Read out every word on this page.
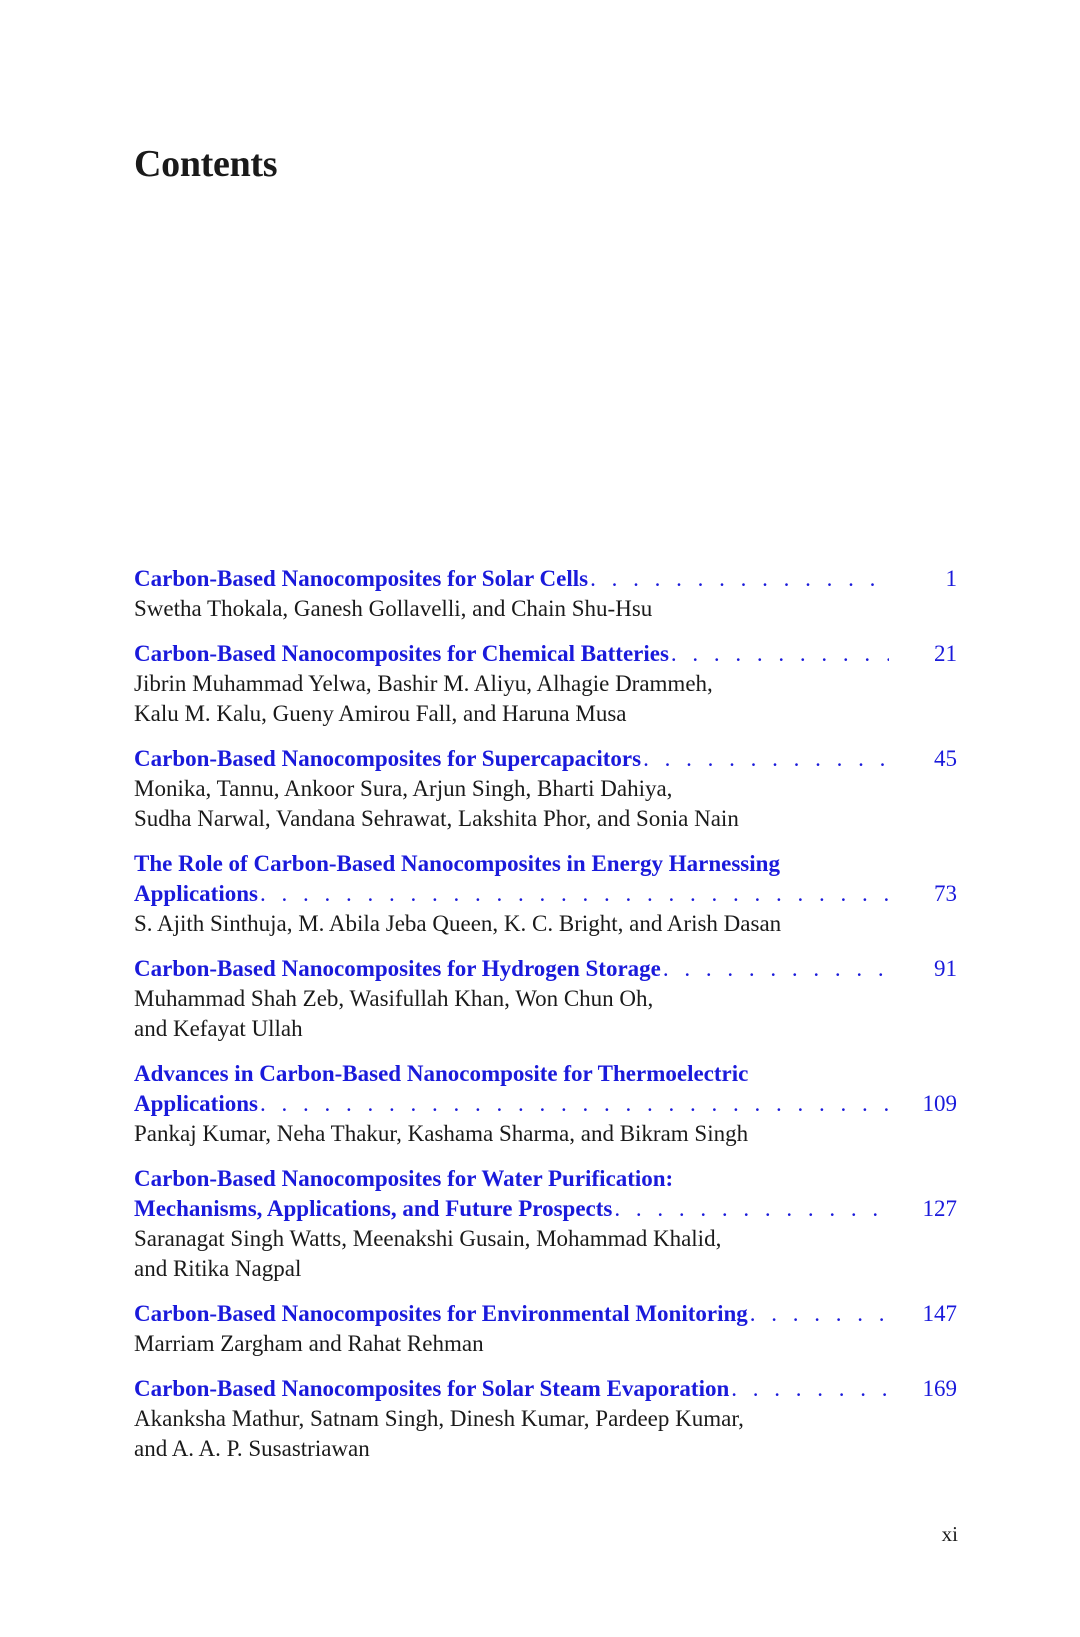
Contents
Carbon-Based Nanocomposites for Solar Cells . . .	1
Swetha Thokala, Ganesh Gollavelli, and Chain Shu-Hsu
Carbon-Based Nanocomposites for Chemical Batteries . . .	21
Jibrin Muhammad Yelwa, Bashir M. Aliyu, Alhagie Drammeh,
Kalu M. Kalu, Gueny Amirou Fall, and Haruna Musa
Carbon-Based Nanocomposites for Supercapacitors . . .	45
Monika, Tannu, Ankoor Sura, Arjun Singh, Bharti Dahiya,
Sudha Narwal, Vandana Sehrawat, Lakshita Phor, and Sonia Nain
The Role of Carbon-Based Nanocomposites in Energy Harnessing
Applications . . .	73
S. Ajith Sinthuja, M. Abila Jeba Queen, K. C. Bright, and Arish Dasan
Carbon-Based Nanocomposites for Hydrogen Storage . . .	91
Muhammad Shah Zeb, Wasifullah Khan, Won Chun Oh,
and Kefayat Ullah
Advances in Carbon-Based Nanocomposite for Thermoelectric
Applications . . .	109
Pankaj Kumar, Neha Thakur, Kashama Sharma, and Bikram Singh
Carbon-Based Nanocomposites for Water Purification:
Mechanisms, Applications, and Future Prospects . . .	127
Saranagat Singh Watts, Meenakshi Gusain, Mohammad Khalid,
and Ritika Nagpal
Carbon-Based Nanocomposites for Environmental Monitoring . . .	147
Marriam Zargham and Rahat Rehman
Carbon-Based Nanocomposites for Solar Steam Evaporation . . .	169
Akanksha Mathur, Satnam Singh, Dinesh Kumar, Pardeep Kumar,
and A. A. P. Susastriawan
xi
